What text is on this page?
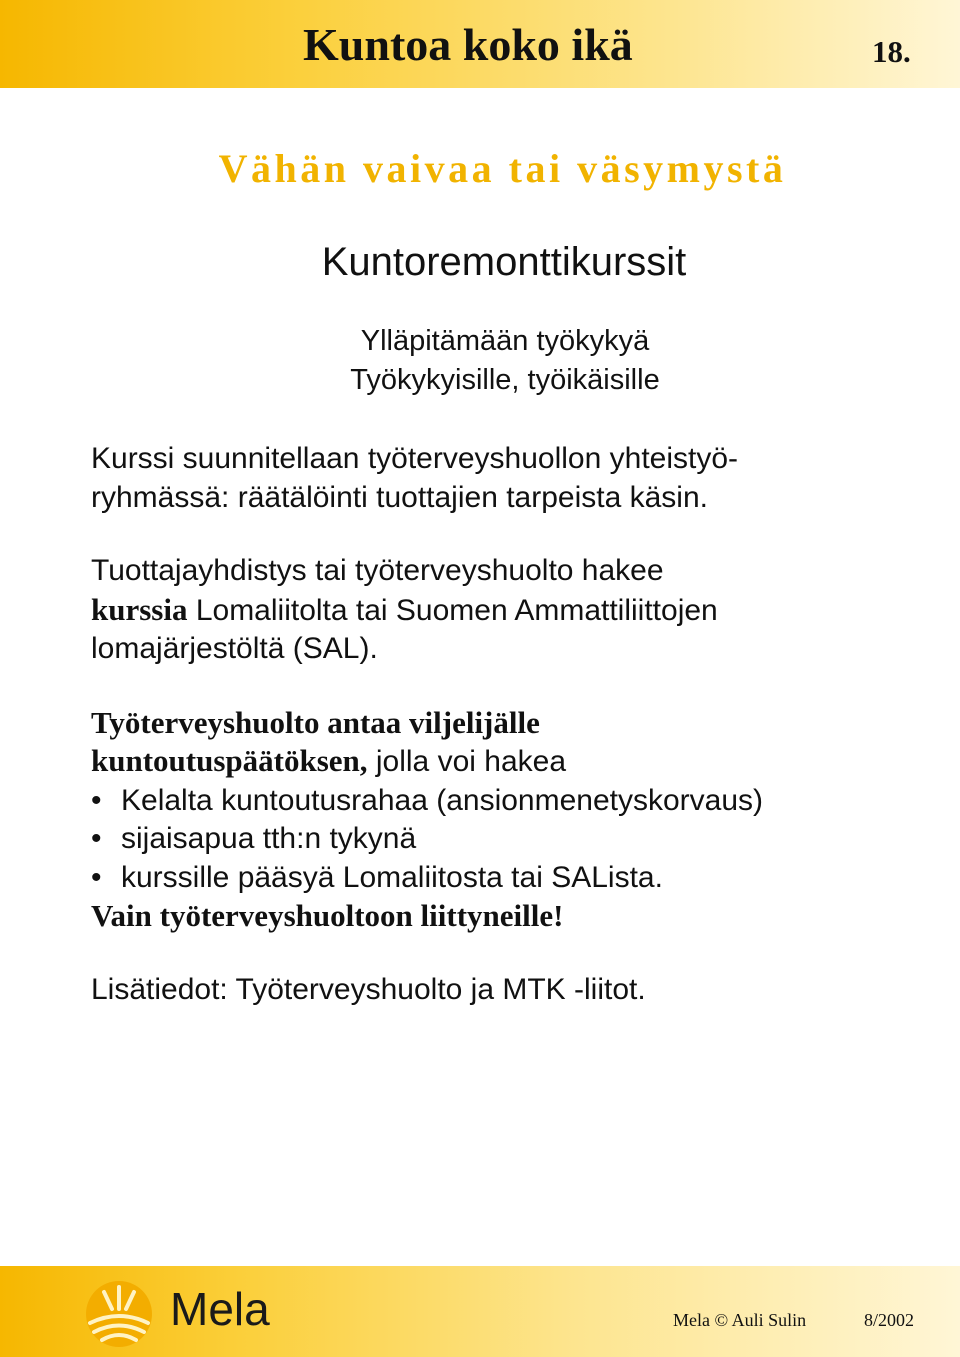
Kuntoa koko ikä	18.
Vähän vaivaa tai väsymystä
Kuntoremonttikurssit
Ylläpitämään työkykyä
Työkykyisille, työikäisille

Kurssi suunnitellaan työterveyshuollon yhteistyö-
ryhmässä: räätälöinti tuottajien tarpeista käsin.

Tuottajayhdistys tai työterveyshuolto hakee
kurssia Lomaliitolta tai Suomen Ammattiliittojen
lomajärjestöltä (SAL).

Työterveyshuolto antaa viljelijälle
kuntoutuspäätöksen, jolla voi hakea
• Kelalta kuntoutusrahaa (ansionmenetyskorvaus)
• sijaisapua tth:n tykynä
• kurssille pääsyä Lomaliitosta tai SALista.
Vain työterveyshuoltoon liittyneille!

Lisätiedot: Työterveyshuolto ja MTK -liitot.

Mela	Mela © Auli Sulin	8/2002
